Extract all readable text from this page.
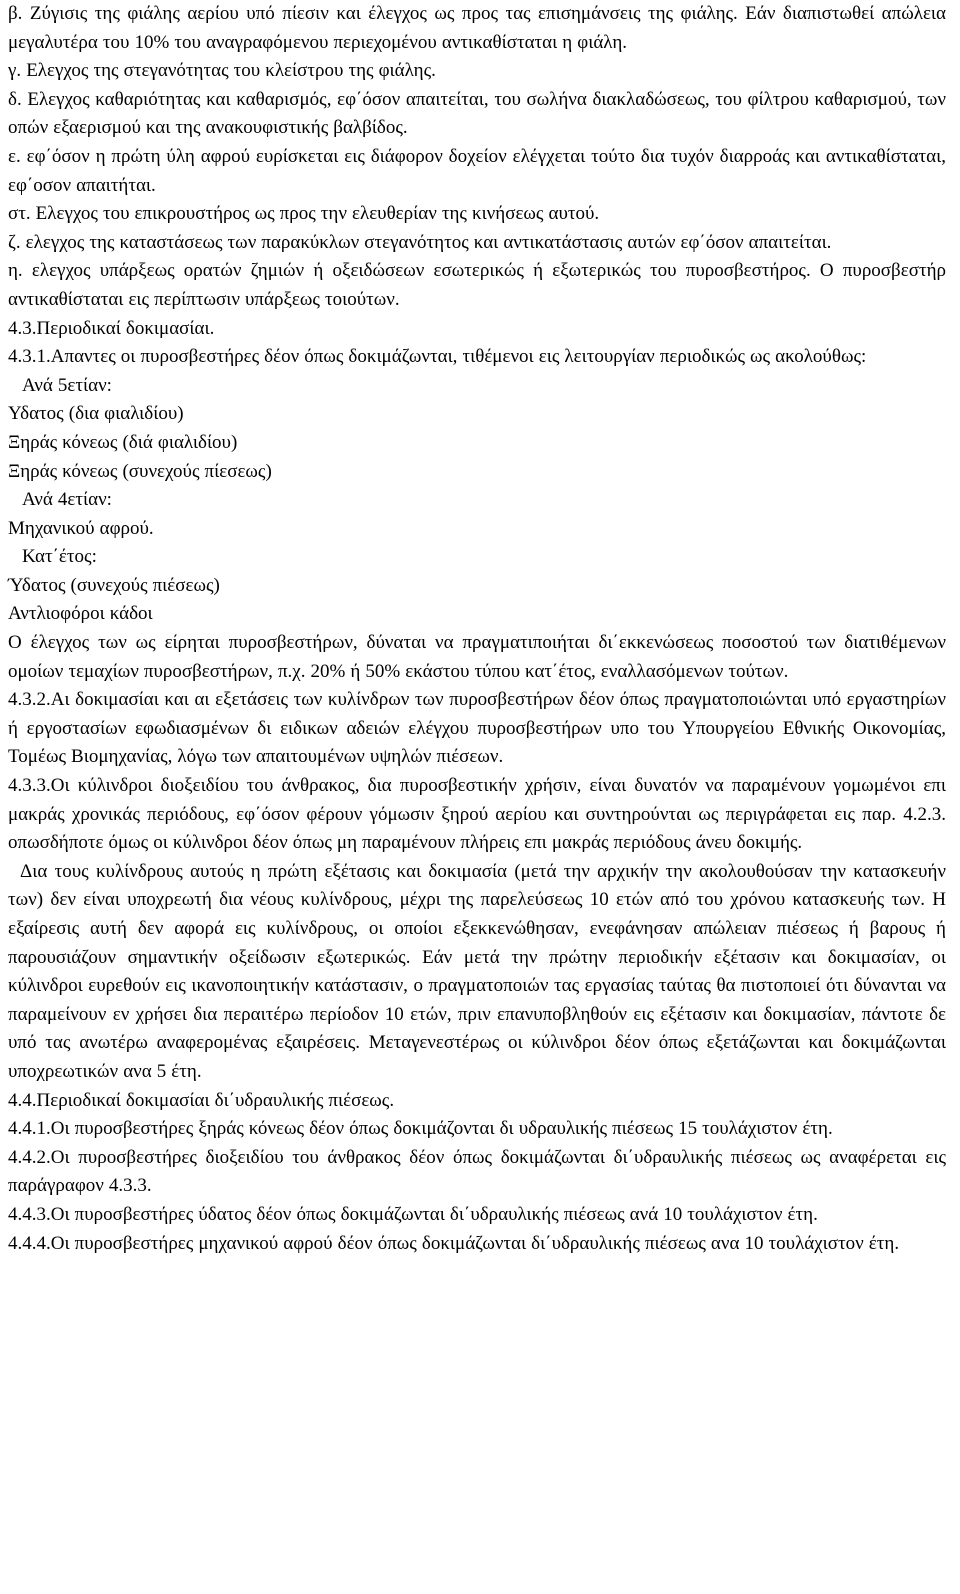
β. Ζύγισις της φιάλης αερίου υπό πίεσιν και έλεγχος ως προς τας επισημάνσεις της φιάλης. Εάν διαπιστωθεί απώλεια μεγαλυτέρα του 10% του αναγραφόμενου περιεχομένου αντικαθίσταται η φιάλη.

γ. Ελεγχος της στεγανότητας του κλείστρου της φιάλης.

δ. Ελεγχος καθαριότητας και καθαρισμός, εφ΄όσον απαιτείται, του σωλήνα διακλαδώσεως, του φίλτρου καθαρισμού, των οπών εξαερισμού και της ανακουφιστικής βαλβίδος.

ε. εφ΄όσον η πρώτη ύλη αφρού ευρίσκεται εις διάφορον δοχείον ελέγχεται τούτο δια τυχόν διαρροάς και αντικαθίσταται, εφ΄οσον απαιτήται.

στ. Ελεγχος του επικρουστήρος ως προς την ελευθερίαν της κινήσεως αυτού.

ζ. ελεγχος της καταστάσεως των παρακύκλων στεγανότητος και αντικατάστασις αυτών εφ΄όσον απαιτείται.

η. ελεγχος υπάρξεως ορατών ζημιών ή οξειδώσεων εσωτερικώς ή εξωτερικώς του πυροσβεστήρος. Ο πυροσβεστήρ αντικαθίσταται εις περίπτωσιν υπάρξεως τοιούτων.

4.3.Περιοδικαί δοκιμασίαι.

4.3.1.Απαντες οι πυροσβεστήρες δέον όπως δοκιμάζωνται, τιθέμενοι εις λειτουργίαν περιοδικώς ως ακολούθως:

Ανά 5ετίαν:

Υδατος (δια φιαλιδίου)

Ξηράς κόνεως (διά φιαλιδίου)

Ξηράς κόνεως (συνεχούς πίεσεως)

Ανά 4ετίαν:

Μηχανικού αφρού.

Κατ΄έτος:

Ύδατος (συνεχούς πιέσεως)

Αντλιοφόροι κάδοι

Ο έλεγχος των ως είρηται πυροσβεστήρων, δύναται να πραγματιποιήται δι΄εκκενώσεως ποσοστού των διατιθέμενων ομοίων τεμαχίων πυροσβεστήρων, π.χ. 20% ή 50% εκάστου τύπου κατ΄έτος, εναλλασόμενων τούτων.

4.3.2.Αι δοκιμασίαι και αι εξετάσεις των κυλίνδρων των πυροσβεστήρων δέον όπως πραγματοποιώνται υπό εργαστηρίων ή εργοστασίων εφωδιασμένων δι ειδικων αδειών ελέγχου πυροσβεστήρων υπο του Υπουργείου Εθνικής Οικονομίας, Τομέως Βιομηχανίας, λόγω των απαιτουμένων υψηλών πιέσεων.

4.3.3.Οι κύλινδροι διοξειδίου του άνθρακος, δια πυροσβεστικήν χρήσιν, είναι δυνατόν να παραμένουν γομωμένοι επι μακράς χρονικάς περιόδους, εφ΄όσον φέρουν γόμωσιν ξηρού αερίου και συντηρούνται ως περιγράφεται εις παρ. 4.2.3. οπωσδήποτε όμως οι κύλινδροι δέον όπως μη παραμένουν πλήρεις επι μακράς περιόδους άνευ δοκιμής.

Δια τους κυλίνδρους αυτούς η πρώτη εξέτασις και δοκιμασία (μετά την αρχικήν την ακολουθούσαν την κατασκευήν των) δεν είναι υποχρεωτή δια νέους κυλίνδρους, μέχρι της παρελεύσεως 10 ετών από του χρόνου κατασκευής των. Η εξαίρεσις αυτή δεν αφορά εις κυλίνδρους, οι οποίοι εξεκκενώθησαν, ενεφάνησαν απώλειαν πιέσεως ή βαρους ή παρουσιάζουν σημαντικήν οξείδωσιν εξωτερικώς. Εάν μετά την πρώτην περιοδικήν εξέτασιν και δοκιμασίαν, οι κύλινδροι ευρεθούν εις ικανοποιητικήν κατάστασιν, ο πραγματοποιών τας εργασίας ταύτας θα πιστοποιεί ότι δύνανται να παραμείνουν εν χρήσει δια περαιτέρω περίοδον 10 ετών, πριν επανυποβληθούν εις εξέτασιν και δοκιμασίαν, πάντοτε δε υπό τας ανωτέρω αναφερομένας εξαιρέσεις. Μεταγενεστέρως οι κύλινδροι δέον όπως εξετάζωνται και δοκιμάζωνται υποχρεωτικών ανα 5 έτη.

4.4.Περιοδικαί δοκιμασίαι δι΄υδραυλικής πιέσεως.

4.4.1.Οι πυροσβεστήρες ξηράς κόνεως δέον όπως δοκιμάζονται δι υδραυλικής πιέσεως 15 τουλάχιστον έτη.

4.4.2.Οι πυροσβεστήρες διοξειδίου του άνθρακος δέον όπως δοκιμάζωνται δι΄υδραυλικής πιέσεως ως αναφέρεται εις παράγραφον 4.3.3.

4.4.3.Οι πυροσβεστήρες ύδατος δέον όπως δοκιμάζωνται δι΄υδραυλικής πιέσεως ανά 10 τουλάχιστον έτη.

4.4.4.Οι πυροσβεστήρες μηχανικού αφρού δέον όπως δοκιμάζωνται δι΄υδραυλικής πιέσεως ανα 10 τουλάχιστον έτη.
